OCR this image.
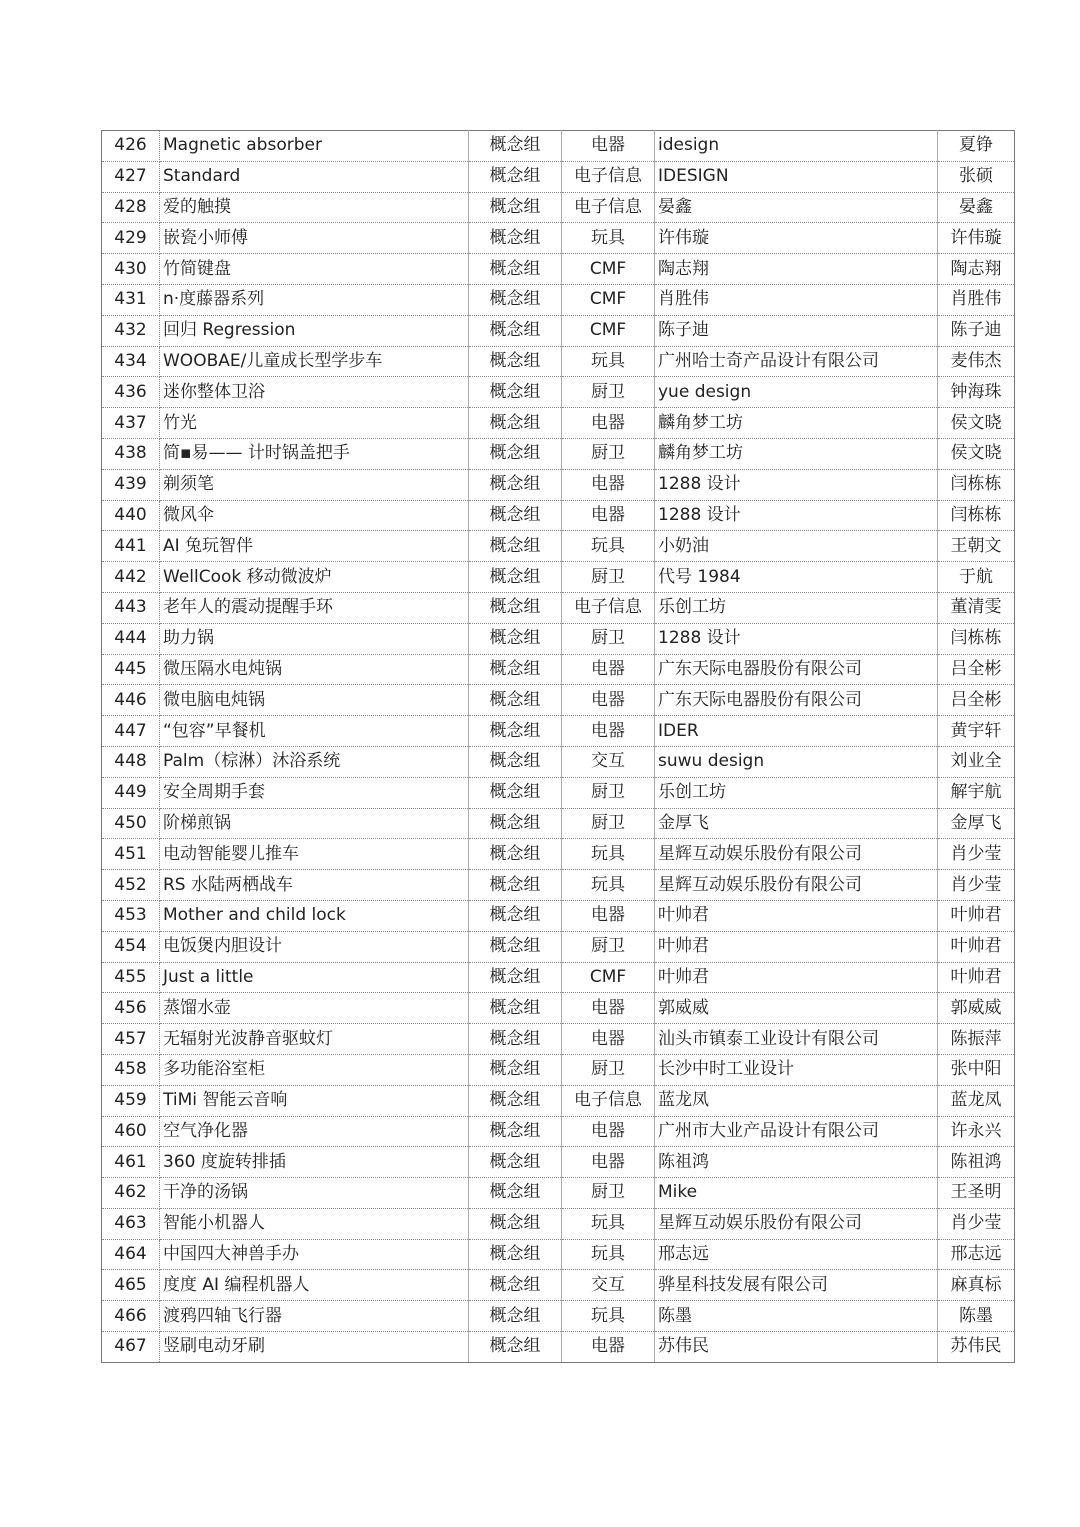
426	Magnetic absorber	概念组	电器	idesign	夏铮
427	Standard	概念组	电子信息	IDESIGN	张硕
428	爱的触摸	概念组	电子信息	晏鑫	晏鑫
429	嵌瓷小师傅	概念组	玩具	许伟璇	许伟璇
430	竹简键盘	概念组	CMF	陶志翔	陶志翔
431	n·度藤器系列	概念组	CMF	肖胜伟	肖胜伟
432	回归 Regression	概念组	CMF	陈子迪	陈子迪
434	WOOBAE/儿童成长型学步车	概念组	玩具	广州哈士奇产品设计有限公司	麦伟杰
436	迷你整体卫浴	概念组	厨卫	yue design	钟海珠
437	竹光	概念组	电器	麟角梦工坊	侯文晓
438	简▪易—— 计时锅盖把手	概念组	厨卫	麟角梦工坊	侯文晓
439	剃须笔	概念组	电器	1288 设计	闫栋栋
440	微风伞	概念组	电器	1288 设计	闫栋栋
441	AI 兔玩智伴	概念组	玩具	小奶油	王朝文
442	WellCook 移动微波炉	概念组	厨卫	代号 1984	于航
443	老年人的震动提醒手环	概念组	电子信息	乐创工坊	董清雯
444	助力锅	概念组	厨卫	1288 设计	闫栋栋
445	微压隔水电炖锅	概念组	电器	广东天际电器股份有限公司	吕全彬
446	微电脑电炖锅	概念组	电器	广东天际电器股份有限公司	吕全彬
447	“包容”早餐机	概念组	电器	IDER	黄宇轩
448	Palm（棕淋）沐浴系统	概念组	交互	suwu design	刘业全
449	安全周期手套	概念组	厨卫	乐创工坊	解宇航
450	阶梯煎锅	概念组	厨卫	金厚飞	金厚飞
451	电动智能婴儿推车	概念组	玩具	星辉互动娱乐股份有限公司	肖少莹
452	RS 水陆两栖战车	概念组	玩具	星辉互动娱乐股份有限公司	肖少莹
453	Mother and child lock	概念组	电器	叶帅君	叶帅君
454	电饭煲内胆设计	概念组	厨卫	叶帅君	叶帅君
455	Just a little	概念组	CMF	叶帅君	叶帅君
456	蒸馏水壶	概念组	电器	郭威威	郭威威
457	无辐射光波静音驱蚊灯	概念组	电器	汕头市镇泰工业设计有限公司	陈振萍
458	多功能浴室柜	概念组	厨卫	长沙中时工业设计	张中阳
459	TiMi 智能云音响	概念组	电子信息	蓝龙凤	蓝龙凤
460	空气净化器	概念组	电器	广州市大业产品设计有限公司	许永兴
461	360 度旋转排插	概念组	电器	陈祖鸿	陈祖鸿
462	干净的汤锅	概念组	厨卫	Mike	王圣明
463	智能小机器人	概念组	玩具	星辉互动娱乐股份有限公司	肖少莹
464	中国四大神兽手办	概念组	玩具	邢志远	邢志远
465	度度 AI 编程机器人	概念组	交互	骅星科技发展有限公司	麻真标
466	渡鸦四轴飞行器	概念组	玩具	陈墨	陈墨
467	竖刷电动牙刷	概念组	电器	苏伟民	苏伟民
